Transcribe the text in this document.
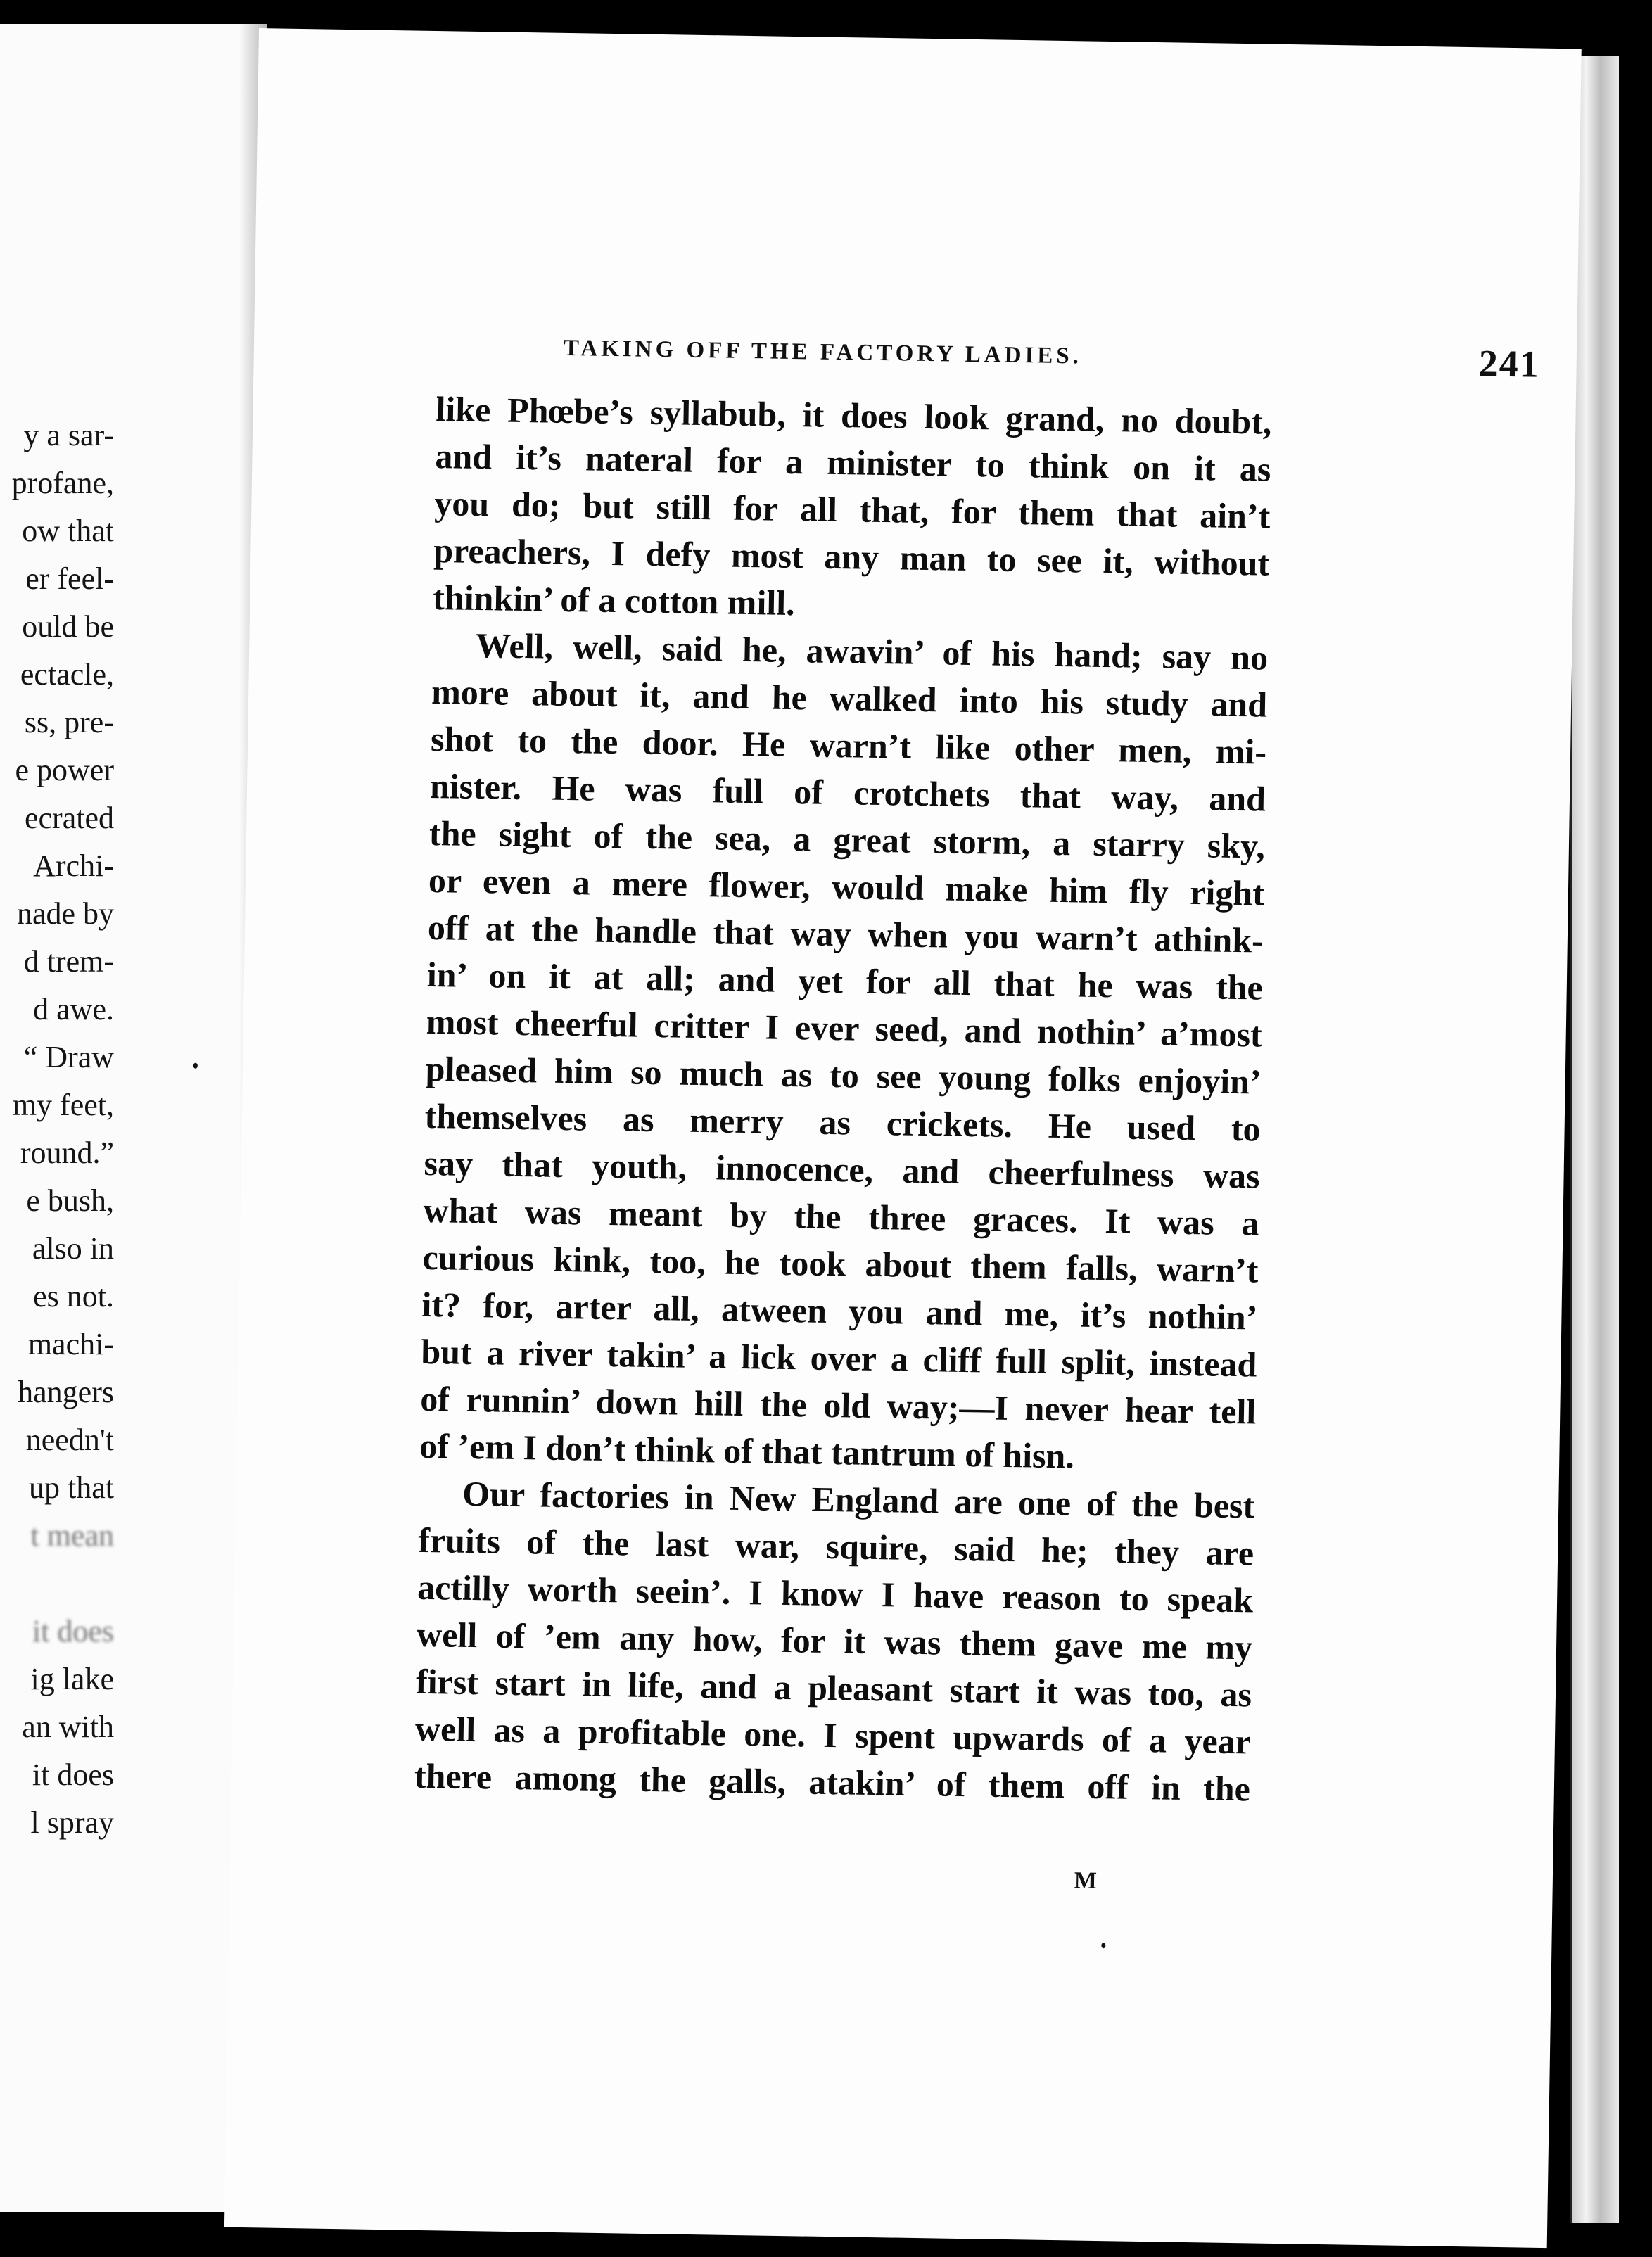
y a sar-
profane,
ow that
er feel-
ould be
ectacle,
ss, pre-
e power
ecrated
Archi-
nade by
d trem-
d awe.
“ Draw
my feet,
round.”
e bush,
also in
es not.
machi-
hangers
needn't
up that
t mean
it does
ig lake
an with
it does
l spray
TAKING OFF THE FACTORY LADIES.	241
like Phœbe’s syllabub, it does look grand, no doubt,
and it’s nateral for a minister to think on it as
you do; but still for all that, for them that ain’t
preachers, I defy most any man to see it, without
thinkin’ of a cotton mill.
Well, well, said he, awavin’ of his hand; say no
more about it, and he walked into his study and
shot to the door. He warn’t like other men, mi-
nister. He was full of crotchets that way, and
the sight of the sea, a great storm, a starry sky,
or even a mere flower, would make him fly right
off at the handle that way when you warn’t athink-
in’ on it at all; and yet for all that he was the
most cheerful critter I ever seed, and nothin’ a’most
pleased him so much as to see young folks enjoyin’
themselves as merry as crickets. He used to
say that youth, innocence, and cheerfulness was
what was meant by the three graces. It was a
curious kink, too, he took about them falls, warn’t
it? for, arter all, atween you and me, it’s nothin’
but a river takin’ a lick over a cliff full split, instead
of runnin’ down hill the old way;—I never hear tell
of ’em I don’t think of that tantrum of hisn.
Our factories in New England are one of the best
fruits of the last war, squire, said he; they are
actilly worth seein’. I know I have reason to speak
well of ’em any how, for it was them gave me my
first start in life, and a pleasant start it was too, as
well as a profitable one. I spent upwards of a year
there among the galls, atakin’ of them off in the
M
